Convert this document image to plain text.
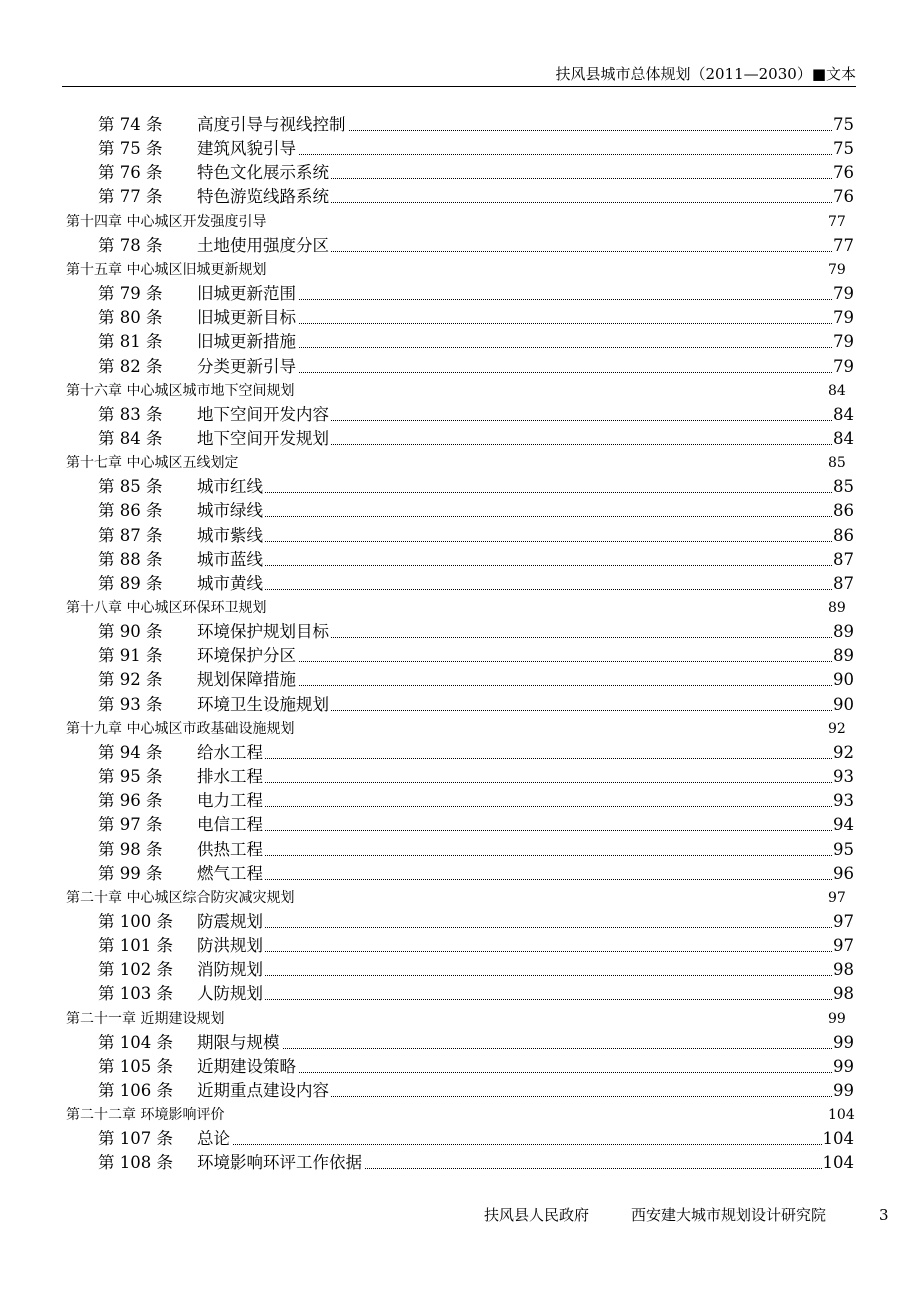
扶风县城市总体规划（2011—2030）■文本
第 74 条 高度引导与视线控制	75
第 75 条 建筑风貌引导	75
第 76 条 特色文化展示系统	76
第 77 条 特色游览线路系统	76
第十四章 中心城区开发强度引导	77
第 78 条 土地使用强度分区	77
第十五章 中心城区旧城更新规划	79
第 79 条 旧城更新范围	79
第 80 条 旧城更新目标	79
第 81 条 旧城更新措施	79
第 82 条 分类更新引导	79
第十六章 中心城区城市地下空间规划	84
第 83 条 地下空间开发内容	84
第 84 条 地下空间开发规划	84
第十七章 中心城区五线划定	85
第 85 条 城市红线	85
第 86 条 城市绿线	86
第 87 条 城市紫线	86
第 88 条 城市蓝线	87
第 89 条 城市黄线	87
第十八章 中心城区环保环卫规划	89
第 90 条 环境保护规划目标	89
第 91 条 环境保护分区	89
第 92 条 规划保障措施	90
第 93 条 环境卫生设施规划	90
第十九章 中心城区市政基础设施规划	92
第 94 条 给水工程	92
第 95 条 排水工程	93
第 96 条 电力工程	93
第 97 条 电信工程	94
第 98 条 供热工程	95
第 99 条 燃气工程	96
第二十章 中心城区综合防灾减灾规划	97
第 100 条 防震规划	97
第 101 条 防洪规划	97
第 102 条 消防规划	98
第 103 条 人防规划	98
第二十一章 近期建设规划	99
第 104 条 期限与规模	99
第 105 条 近期建设策略	99
第 106 条 近期重点建设内容	99
第二十二章 环境影响评价	104
第 107 条 总论	104
第 108 条 环境影响环评工作依据	104
扶风县人民政府	西安建大城市规划设计研究院	3
